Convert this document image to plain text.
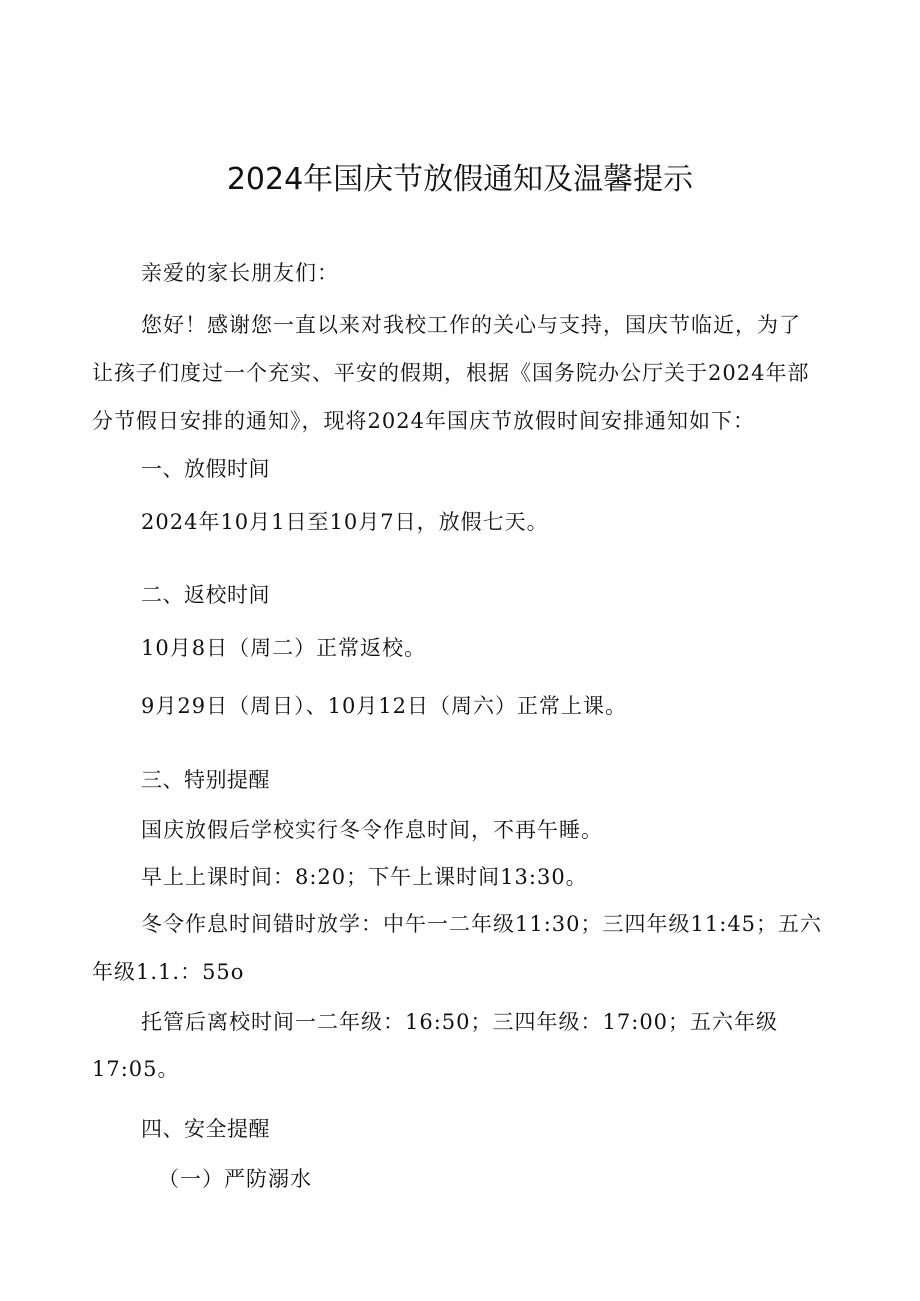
2024年国庆节放假通知及温馨提示

亲爱的家长朋友们：

您好！感谢您一直以来对我校工作的关心与支持，国庆节临近，为了

让孩子们度过一个充实、平安的假期，根据《国务院办公厅关于2024年部

分节假日安排的通知》，现将2024年国庆节放假时间安排通知如下：

一、放假时间

2024年10月1日至10月7日，放假七天。

二、返校时间

10月8日（周二）正常返校。

9月29日（周日）、10月12日（周六）正常上课。

三、特别提醒

国庆放假后学校实行冬令作息时间，不再午睡。

早上上课时间：8:20；下午上课时间13:30。

冬令作息时间错时放学：中午一二年级11:30；三四年级11:45；五六

年级1.1.：55o

托管后离校时间一二年级：16:50；三四年级：17:00；五六年级

17:05。

四、安全提醒

（一）严防溺水
